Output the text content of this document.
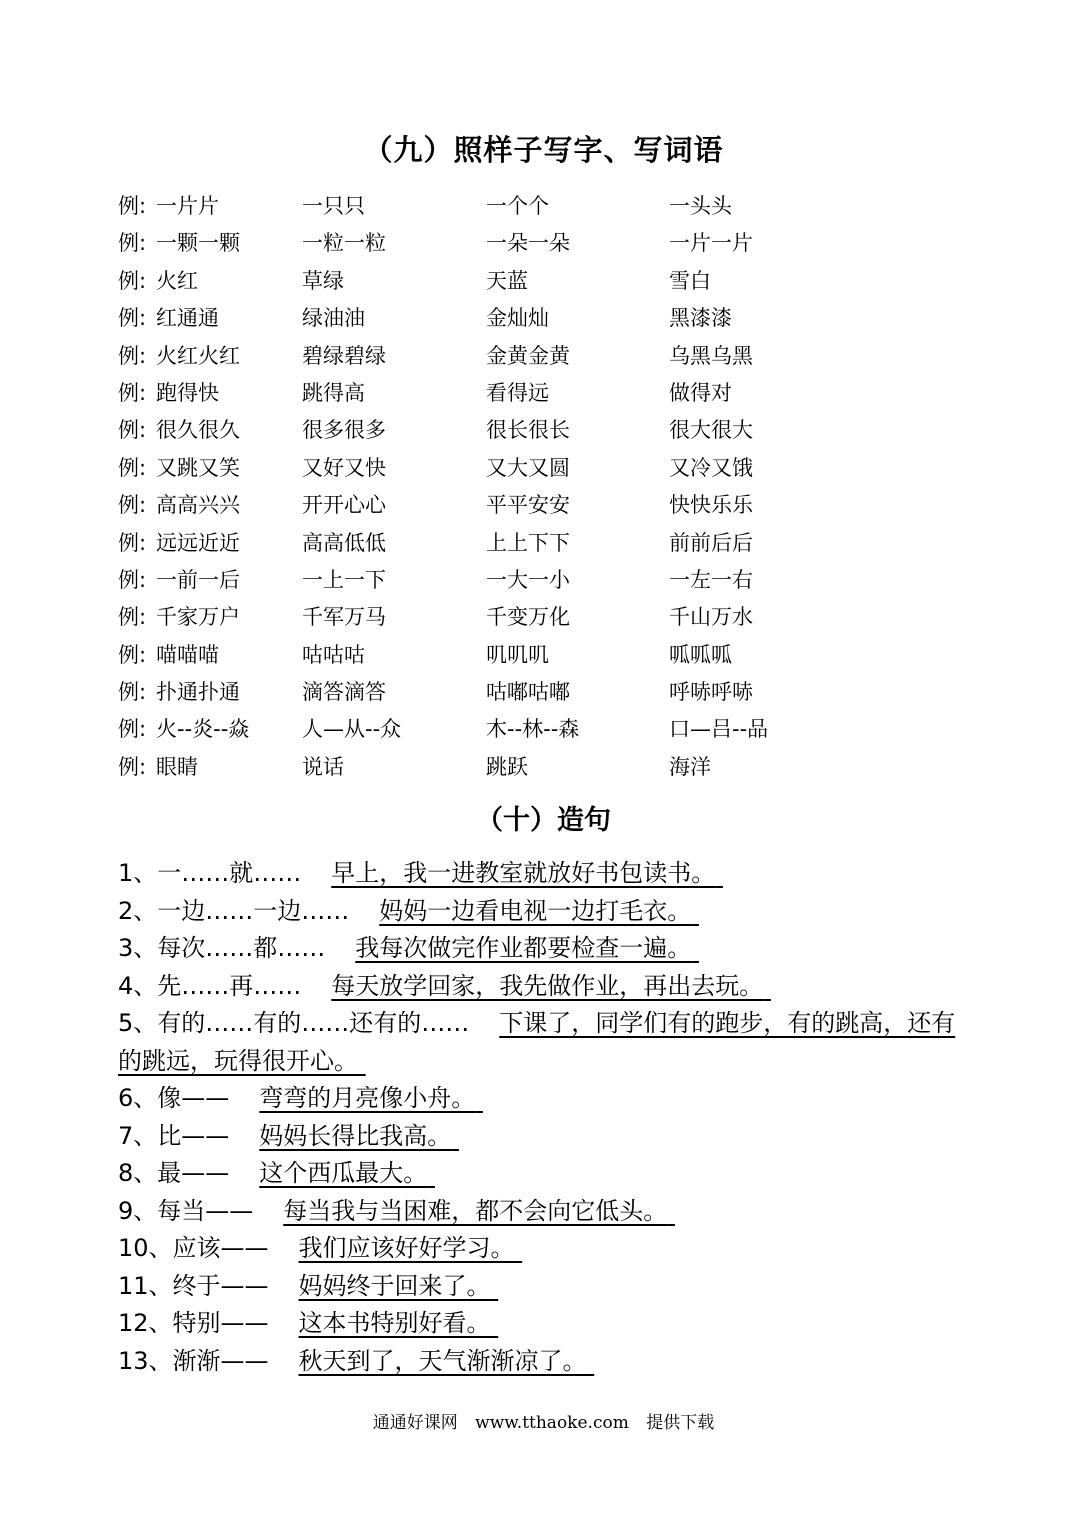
（九）照样子写字、写词语
例: 一片片	一只只	一个个	一头头
例: 一颗一颗	一粒一粒	一朵一朵	一片一片
例: 火红	草绿	天蓝	雪白
例: 红通通	绿油油	金灿灿	黑漆漆
例: 火红火红	碧绿碧绿	金黄金黄	乌黑乌黑
例: 跑得快	跳得高	看得远	做得对
例: 很久很久	很多很多	很长很长	很大很大
例: 又跳又笑	又好又快	又大又圆	又冷又饿
例: 高高兴兴	开开心心	平平安安	快快乐乐
例: 远远近近	高高低低	上上下下	前前后后
例: 一前一后	一上一下	一大一小	一左一右
例: 千家万户	千军万马	千变万化	千山万水
例: 喵喵喵	咕咕咕	叽叽叽	呱呱呱
例: 扑通扑通	滴答滴答	咕嘟咕嘟	呼哧呼哧
例: 火--炎--焱	人—从--众	木--林--森	口—吕--品
例: 眼睛	说话	跳跃	海洋
（十）造句
1、一……就…… 早上，我一进教室就放好书包读书。
2、一边……一边…… 妈妈一边看电视一边打毛衣。
3、每次……都…… 我每次做完作业都要检查一遍。
4、先……再…… 每天放学回家，我先做作业，再出去玩。
5、有的……有的……还有的…… 下课了，同学们有的跑步，有的跳高，还有的跳远，玩得很开心。
6、像—— 弯弯的月亮像小舟。
7、比—— 妈妈长得比我高。
8、最—— 这个西瓜最大。
9、每当—— 每当我与当困难，都不会向它低头。
10、应该—— 我们应该好好学习。
11、终于—— 妈妈终于回来了。
12、特别—— 这本书特别好看。
13、渐渐—— 秋天到了，天气渐渐凉了。
通通好课网 www.tthaoke.com 提供下载
